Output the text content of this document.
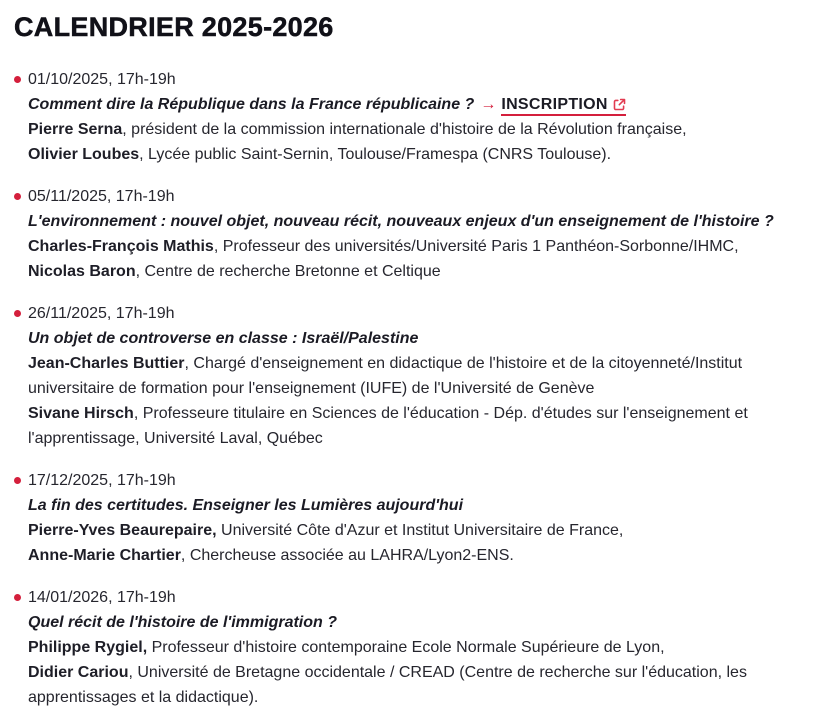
CALENDRIER 2025-2026
01/10/2025, 17h-19h
Comment dire la République dans la France républicaine ? → INSCRIPTION
Pierre Serna, président de la commission internationale d'histoire de la Révolution française,
Olivier Loubes, Lycée public Saint-Sernin, Toulouse/Framespa (CNRS Toulouse).
05/11/2025, 17h-19h
L'environnement : nouvel objet, nouveau récit, nouveaux enjeux d'un enseignement de l'histoire ?
Charles-François Mathis, Professeur des universités/Université Paris 1 Panthéon-Sorbonne/IHMC,
Nicolas Baron, Centre de recherche Bretonne et Celtique
26/11/2025, 17h-19h
Un objet de controverse en classe : Israël/Palestine
Jean-Charles Buttier, Chargé d'enseignement en didactique de l'histoire et de la citoyenneté/Institut
universitaire de formation pour l'enseignement (IUFE) de l'Université de Genève
Sivane Hirsch, Professeure titulaire en Sciences de l'éducation - Dép. d'études sur l'enseignement et
l'apprentissage, Université Laval, Québec
17/12/2025, 17h-19h
La fin des certitudes. Enseigner les Lumières aujourd'hui
Pierre-Yves Beaurepaire, Université Côte d'Azur et Institut Universitaire de France,
Anne-Marie Chartier, Chercheuse associée au LAHRA/Lyon2-ENS.
14/01/2026, 17h-19h
Quel récit de l'histoire de l'immigration ?
Philippe Rygiel, Professeur d'histoire contemporaine Ecole Normale Supérieure de Lyon,
Didier Cariou, Université de Bretagne occidentale / CREAD (Centre de recherche sur l'éducation, les
apprentissages et la didactique).
